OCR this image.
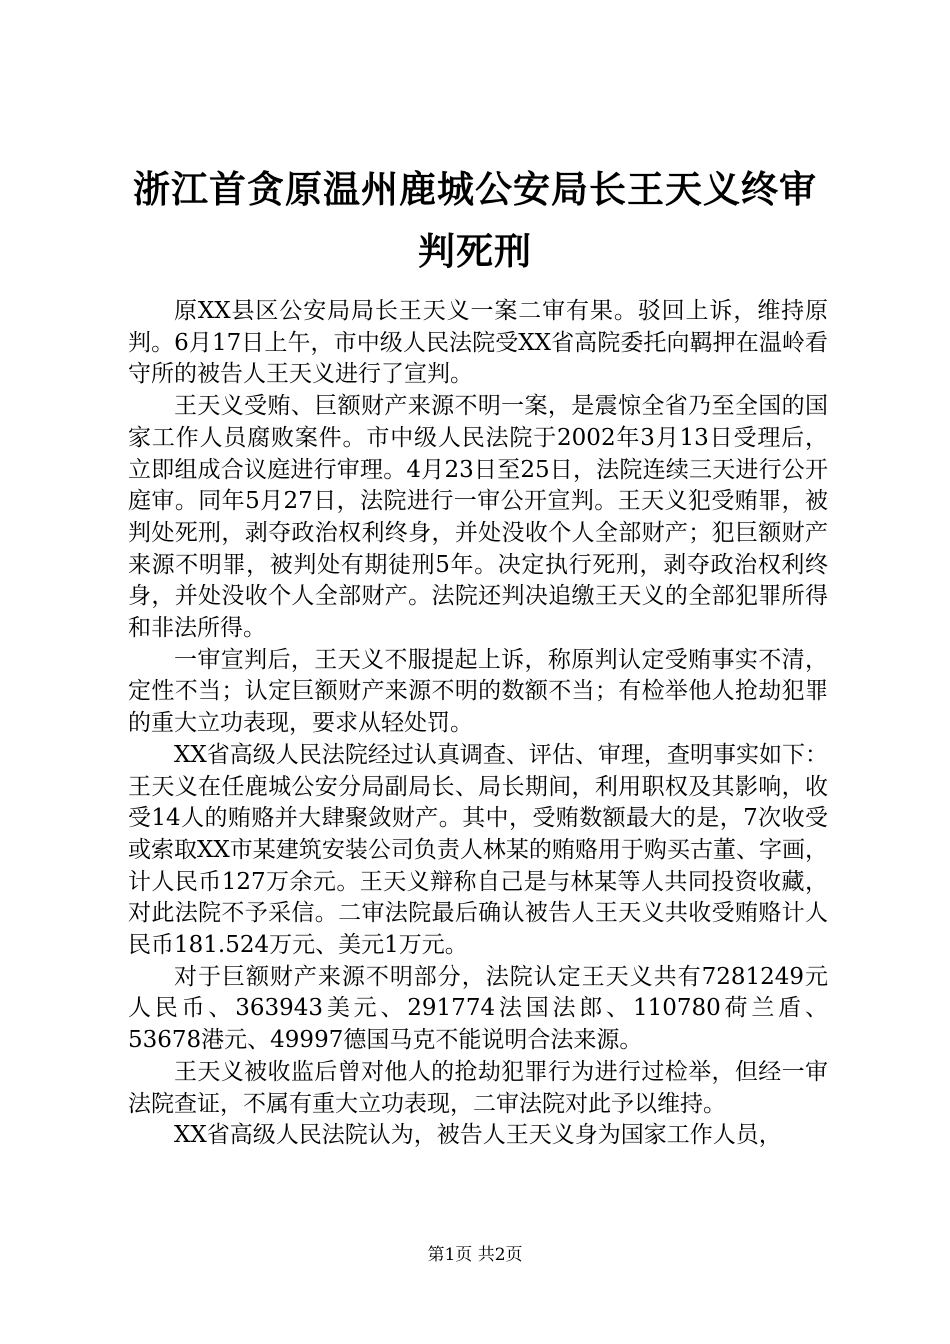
浙江首贪原温州鹿城公安局长王天义终审判死刑

原XX县区公安局局长王天义一案二审有果。驳回上诉，维持原判。6月17日上午，市中级人民法院受XX省高院委托向羁押在温岭看守所的被告人王天义进行了宣判。

王天义受贿、巨额财产来源不明一案，是震惊全省乃至全国的国家工作人员腐败案件。市中级人民法院于2002年3月13日受理后，立即组成合议庭进行审理。4月23日至25日，法院连续三天进行公开庭审。同年5月27日，法院进行一审公开宣判。王天义犯受贿罪，被判处死刑，剥夺政治权利终身，并处没收个人全部财产；犯巨额财产来源不明罪，被判处有期徒刑5年。决定执行死刑，剥夺政治权利终身，并处没收个人全部财产。法院还判决追缴王天义的全部犯罪所得和非法所得。

一审宣判后，王天义不服提起上诉，称原判认定受贿事实不清，定性不当；认定巨额财产来源不明的数额不当；有检举他人抢劫犯罪的重大立功表现，要求从轻处罚。

XX省高级人民法院经过认真调查、评估、审理，查明事实如下：王天义在任鹿城公安分局副局长、局长期间，利用职权及其影响，收受14人的贿赂并大肆聚敛财产。其中，受贿数额最大的是，7次收受或索取XX市某建筑安装公司负责人林某的贿赂用于购买古董、字画，计人民币127万余元。王天义辩称自己是与林某等人共同投资收藏，对此法院不予采信。二审法院最后确认被告人王天义共收受贿赂计人民币181.524万元、美元1万元。

对于巨额财产来源不明部分，法院认定王天义共有7281249元人民币、363943美元、291774法国法郎、110780荷兰盾、53678港元、49997德国马克不能说明合法来源。

王天义被收监后曾对他人的抢劫犯罪行为进行过检举，但经一审法院查证，不属有重大立功表现，二审法院对此予以维持。

XX省高级人民法院认为，被告人王天义身为国家工作人员，

第1页 共2页
